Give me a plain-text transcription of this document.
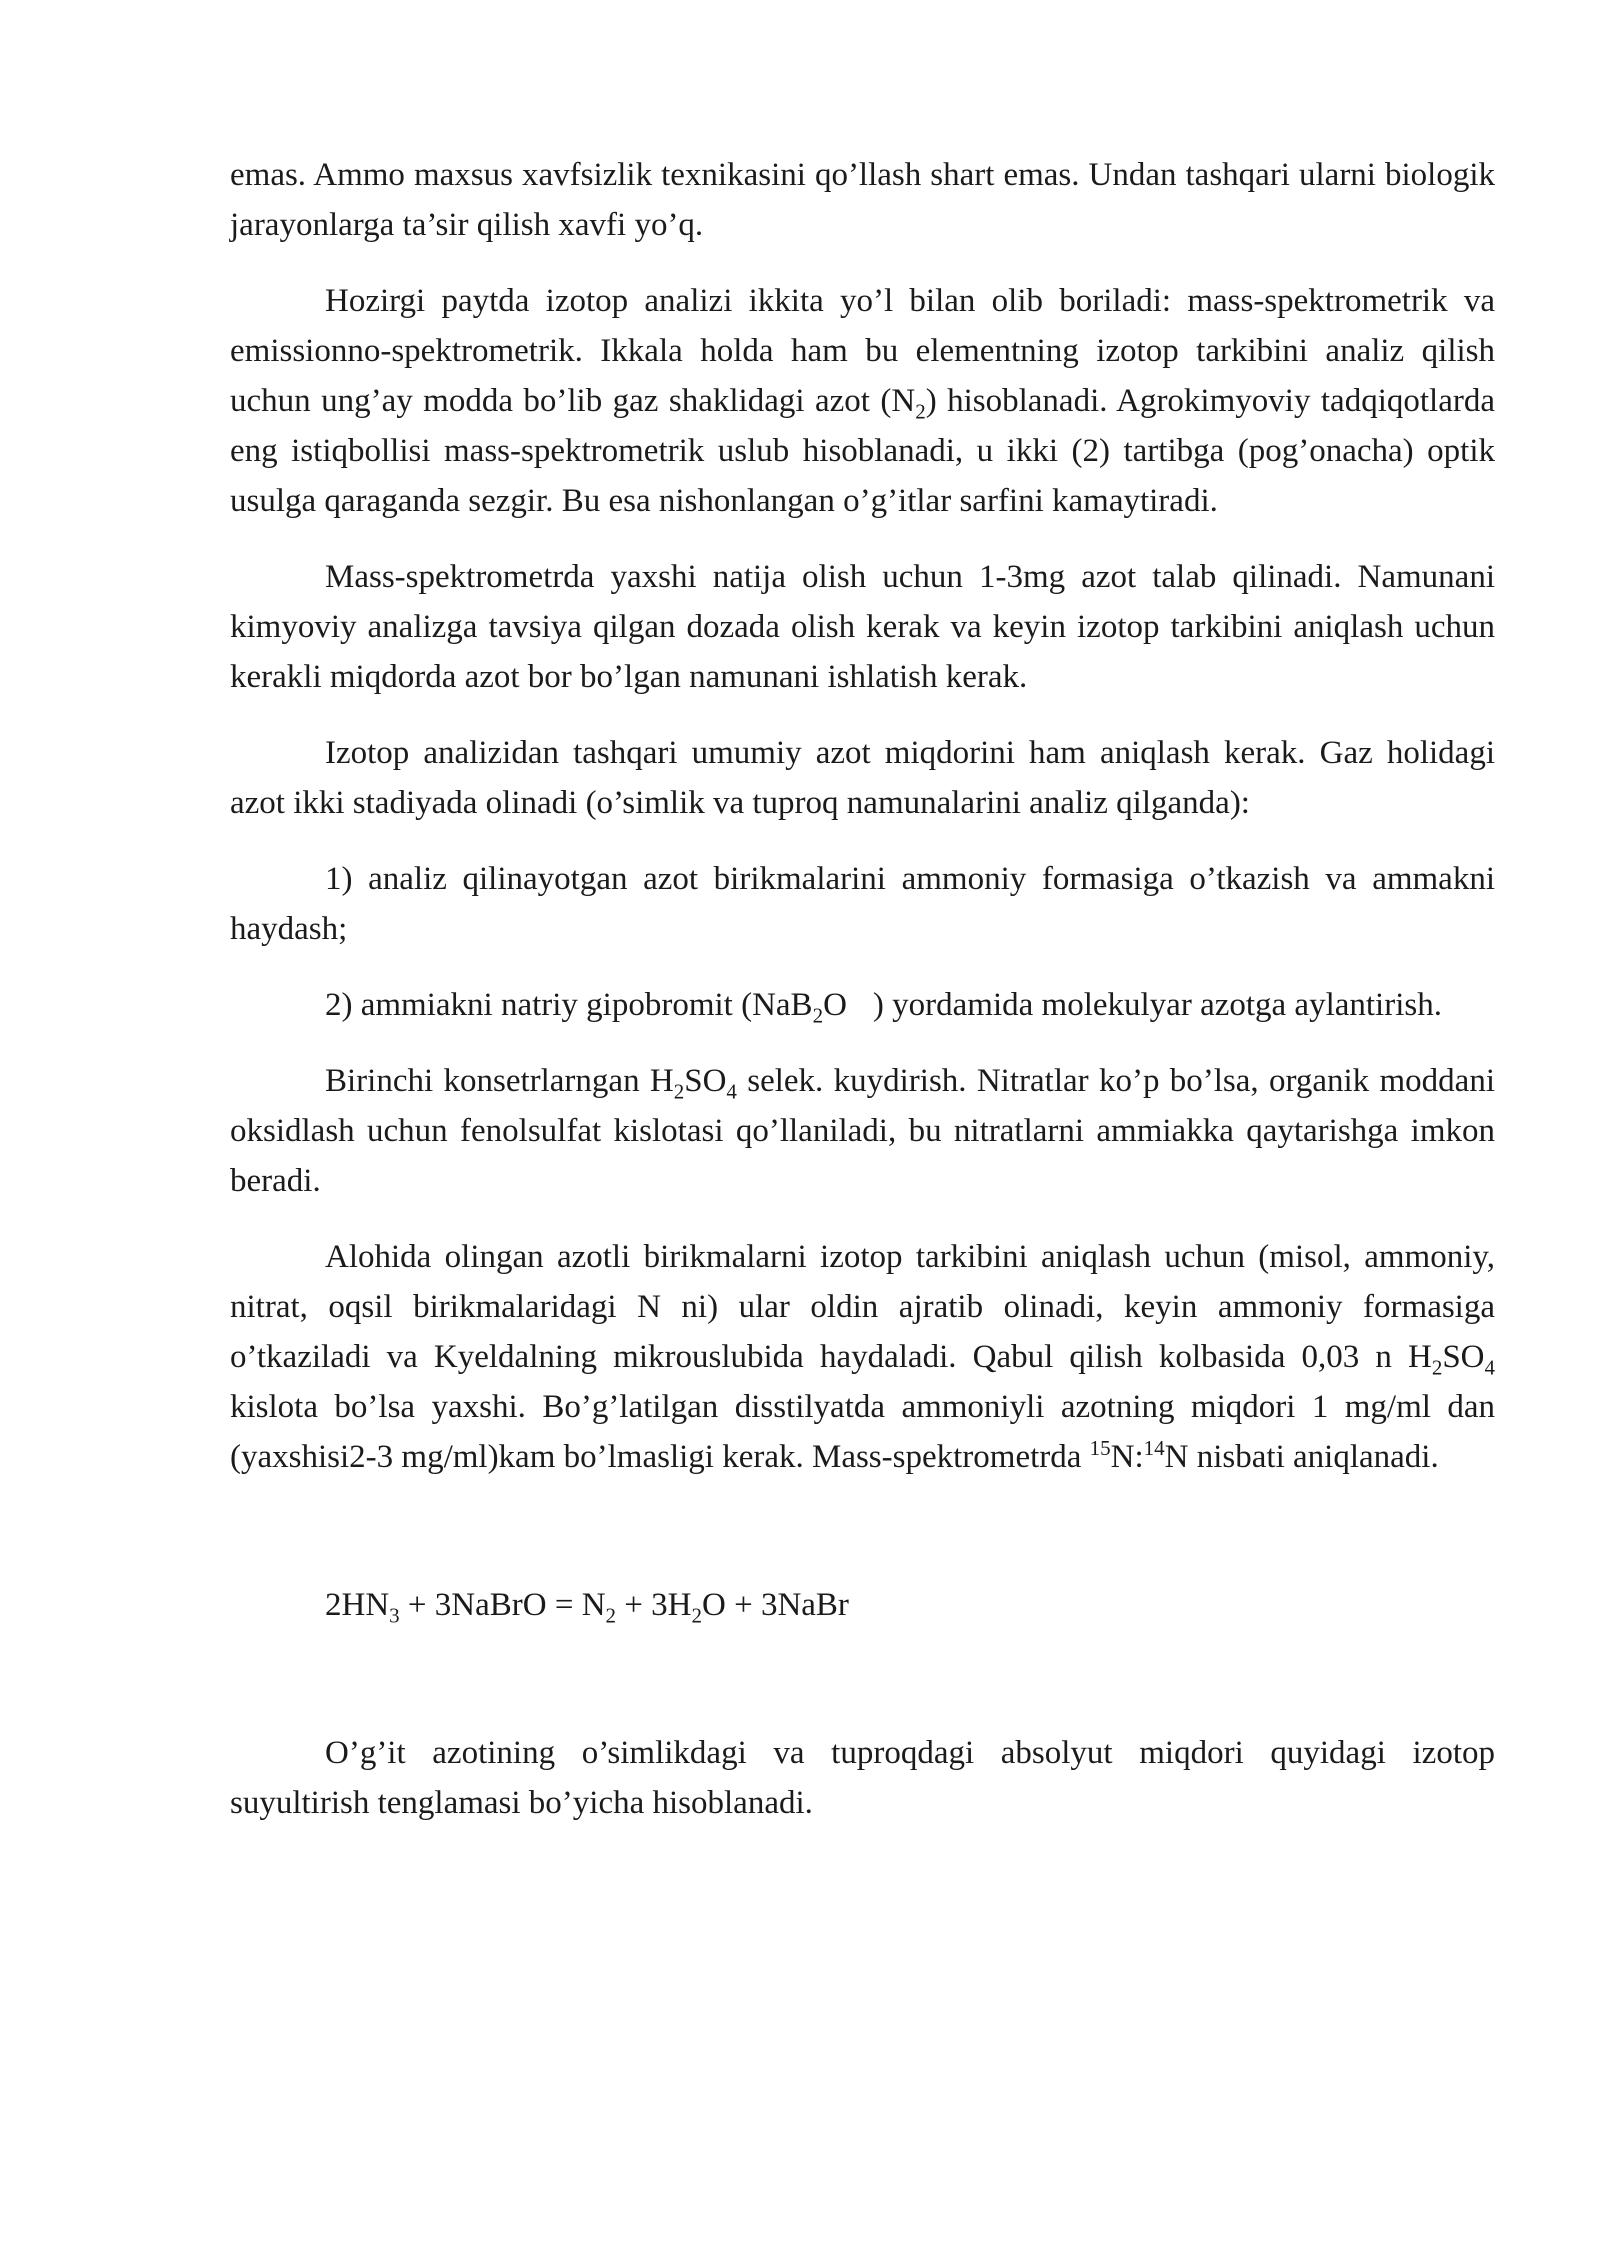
emas. Ammo maxsus xavfsizlik texnikasini qo’llash shart emas. Undan tashqari ularni biologik jarayonlarga ta’sir qilish xavfi yo’q.

Hozirgi paytda izotop analizi ikkita yo’l bilan olib boriladi: mass-spektrometrik va emissionno-spektrometrik. Ikkala holda ham bu elementning izotop tarkibini analiz qilish uchun ung’ay modda bo’lib gaz shaklidagi azot $(N_2)$ hisoblanadi. Agrokimyoviy tadqiqotlarda eng istiqbollisi mass-spektrometrik uslub hisoblanadi, u ikki (2) tartibga (pog’onacha) optik usulga qaraganda sezgir. Bu esa nishonlangan o’g’itlar sarfini kamaytiradi.

Mass-spektrometrda yaxshi natija olish uchun 1-3mg azot talab qilinadi. Namunani kimyoviy analizga tavsiya qilgan dozada olish kerak va keyin izotop tarkibini aniqlash uchun kerakli miqdorda azot bor bo’lgan namunani ishlatish kerak.

Izotop analizidan tashqari umumiy azot miqdorini ham aniqlash kerak. Gaz holidagi azot ikki stadiyada olinadi (o’simlik va tuproq namunalarini analiz qilganda):

1) analiz qilinayotgan azot birikmalarini ammoniy formasiga o’tkazish va ammakni haydash;

2) ammiakni natriy gipobromit (NaB$_2$O ) yordamida molekulyar azotga aylantirish.

Birinchi konsetrlarngan $H_2SO_4$ selek. kuydirish. Nitratlar ko’p bo’lsa, organik moddani oksidlash uchun fenolsulfat kislotasi qo’llaniladi, bu nitratlarni ammiakka qaytarishga imkon beradi.

Alohida olingan azotli birikmalarni izotop tarkibini aniqlash uchun (misol, ammoniy, nitrat, oqsil birikmalaridagi N ni) ular oldin ajratib olinadi, keyin ammoniy formasiga o’tkaziladi va Kyeldalning mikrouslubida haydaladi. Qabul qilish kolbasida 0,03 n $H_2SO_4$ kislota bo’lsa yaxshi. Bo’g’latilgan disstilyatda ammoniyli azotning miqdori 1 mg/ml dan (yaxshisi2-3 mg/ml)kam bo’lmasligi kerak. Mass-spektrometrda $^{15}$N:$^{14}$N nisbati aniqlanadi.

$2HN_3$ + 3NaBrO = $N_2 + 3H_2O$ + 3NaBr

O’g’it azotining o’simlikdagi va tuproqdagi absolyut miqdori quyidagi izotop suyultirish tenglamasi bo’yicha hisoblanadi.
